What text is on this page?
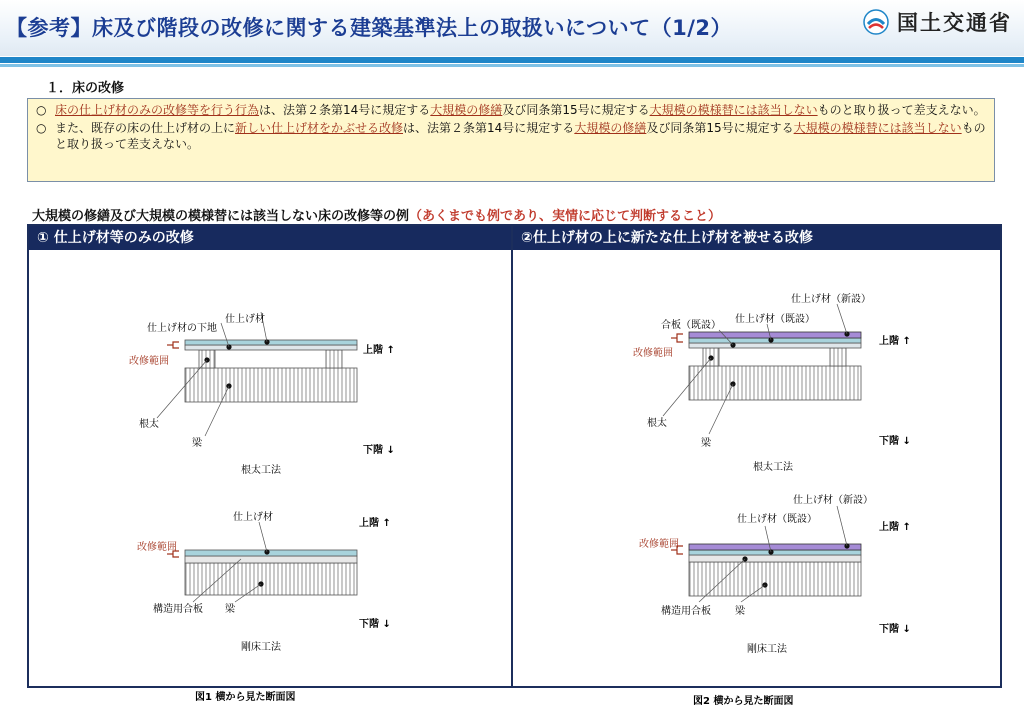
【参考】床及び階段の改修に関する建築基準法上の取扱いについて（1/2）	国土交通省
１．床の改修
○ 床の仕上げ材のみの改修等を行う行為は、法第２条第14号に規定する大規模の修繕及び同条第15号に規定する大規模の模様替には該当しないものと取り扱って差支えない。
○ また、既存の床の仕上げ材の上に新しい仕上げ材をかぶせる改修は、法第２条第14号に規定する大規模の修繕及び同条第15号に規定する大規模の模様替には該当しないものと取り扱って差支えない。
大規模の修繕及び大規模の模様替には該当しない床の改修等の例（あくまでも例であり、実情に応じて判断すること）
① 仕上げ材等のみの改修	②仕上げ材の上に新たな仕上げ材を被せる改修
仕上げ材
仕上げ材の下地
改修範囲
根太
梁
上階 ↑
下階 ↓
根太工法
仕上げ材
改修範囲
構造用合板 梁
上階 ↑
下階 ↓
剛床工法
図1 横から見た断面図
仕上げ材（新設）
合板（既設）
仕上げ材（既設）
改修範囲
根太
梁
上階 ↑
下階 ↓
根太工法
仕上げ材（新設）
仕上げ材（既設）
改修範囲
構造用合板 梁
上階 ↑
下階 ↓
剛床工法
図2 横から見た断面図
